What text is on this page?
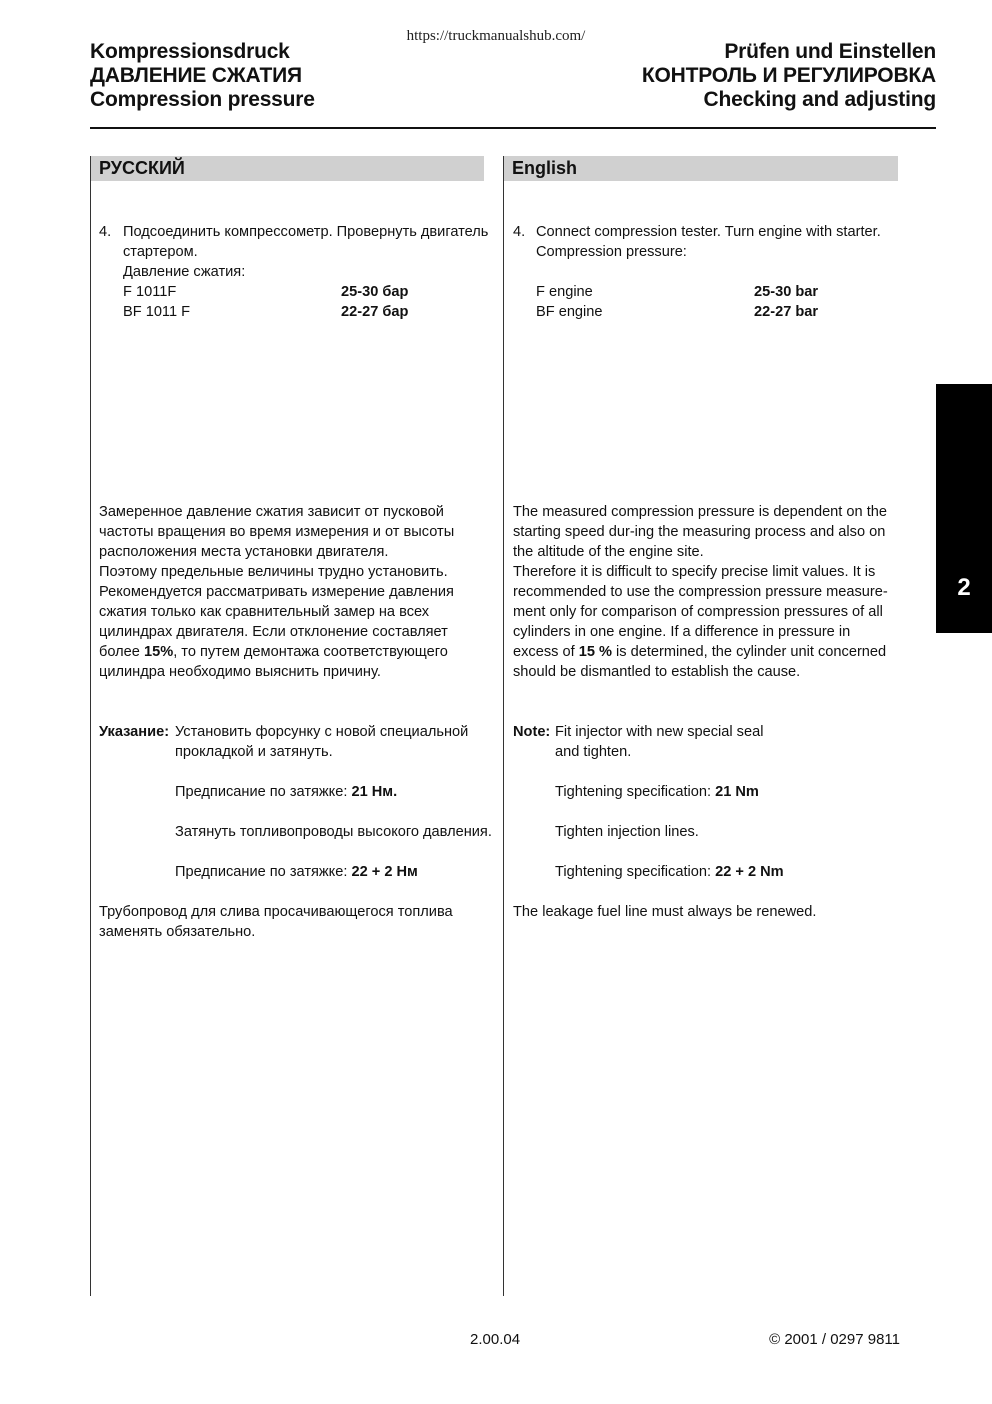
https://truckmanualshub.com/
Kompressionsdruck
ДАВЛЕНИЕ СЖАТИЯ
Compression pressure
Prüfen und Einstellen
КОНТРОЛЬ И РЕГУЛИРОВКА
Checking and adjusting
РУССКИЙ	English
4. Подсоединить компрессометр. Провернуть двигатель
стартером.
Давление сжатия:
F 1011F	25-30 бар
BF 1011 F	22-27 бар
Замеренное давление сжатия зависит от пусковой
частоты вращения во время измерения и от высоты
расположения места установки двигателя.
Поэтому предельные величины трудно установить.
Рекомендуется рассматривать измерение давления
сжатия только как сравнительный замер на всех
цилиндрах двигателя. Если отклонение составляет
более 15%, то путем демонтажа соответствующего
цилиндра необходимо выяснить причину.
Указание: Установить форсунку с новой специальной
прокладкой и затянуть.
Предписание по затяжке: 21 Нм.
Затянуть топливопроводы высокого давления.
Предписание по затяжке: 22 + 2 Нм
Трубопровод для слива просачивающегося топлива
заменять обязательно.
4. Connect compression tester. Turn engine with starter.
Compression pressure:
F engine	25-30 bar
BF engine	22-27 bar
The measured compression pressure is dependent on the
starting speed dur-ing the measuring process and also on
the altitude of the engine site.
Therefore it is difficult to specify precise limit values. It is
recommended to use the compression pressure measure-
ment only for comparison of compression pressures of all
cylinders in one engine. If a difference in pressure in
excess of 15 % is determined, the cylinder unit concerned
should be dismantled to establish the cause.
Note: Fit injector with new special seal
and tighten.
Tightening specification: 21 Nm
Tighten injection lines.
Tightening specification: 22 + 2 Nm
The leakage fuel line must always be renewed.
2
2.00.04	© 2001 / 0297 9811
